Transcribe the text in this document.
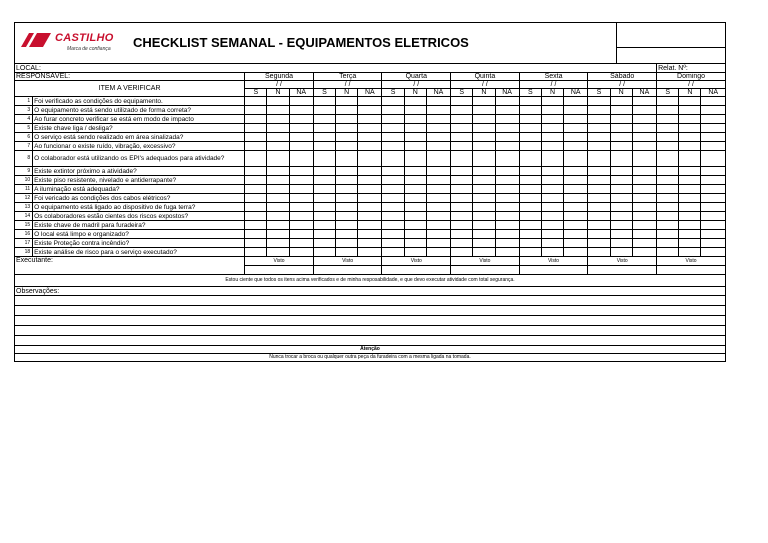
CASTILHO
Marca de confiança CHECKLIST SEMANAL - EQUIPAMENTOS ELETRICOS
LOCAL:																				Relat. Nº:		
RESPONSÁVEL:		Segunda			Terça			Quarta			Quinta			Sexta			Sábado			Domingo		
ITEM A VERIFICAR		/ /			/ /			/ /			/ /			/ /			/ /			/ /		
		S	N	NA	S	N	NA	S	N	NA	S	N	NA	S	N	NA	S	N	NA	S	N	NA
1	Foi verificado as condições do equipamento.																					
3	O equipamento está sendo utilizado de forma correta?																					
4	Ao furar concreto verificar se está em modo de impacto																					
5	Existe chave liga / desliga?																					
6	O serviço está sendo realizado em área sinalizada?																					
7	Ao funcionar o existe ruído, vibração, excessivo?																					
8	O colaborador está utilizando os EPI's adequados para atividade?																					
9	Existe extintor próximo a atividade?																					
10	Existe piso resistente, nivelado e antiderrapante?																					
11	A iluminação está adequada?																					
12	Foi vericado as condições dos cabos elétricos?																					
13	O equipamento está ligado ao dispositivo de fuga terra?																					
14	Os colaboradores estão cientes dos riscos expostos?																					
15	Existe chave de madril para furadeira?																					
16	O local está limpo e organizado?																					
17	Existe Proteção contra incêndio?																					
18	Existe análise de risco para o serviço executado?																					
Executante:		Visto			Visto			Visto			Visto			Visto			Visto			Visto		

Estou ciente que todos os itens acima verificados e de minha resposabilidade, e que devo executar atividade com total segurança.																						
Observações:																						

Atenção																						
Nunca trocar a broca ou qualquer outra peça da furadeira com a mesma ligada na tomada.																						
